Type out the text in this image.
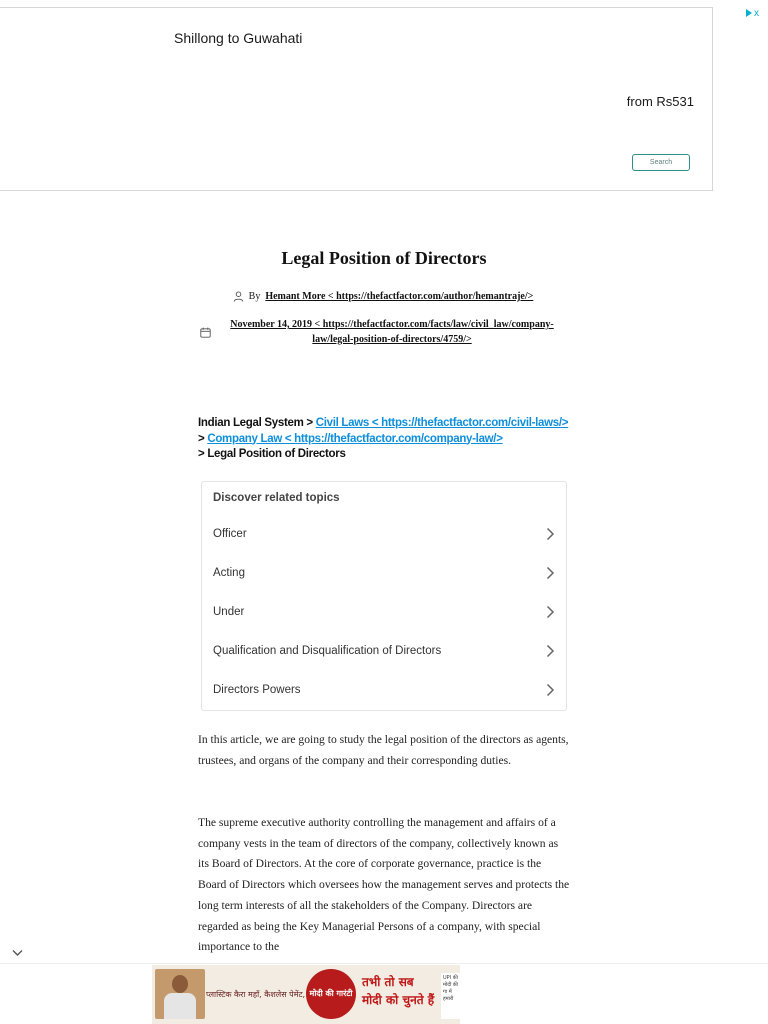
Shillong to Guwahati
from Rs531
Search
x
Legal Position of Directors
By Hemant More < https://thefactfactor.com/author/hemantraje/>
November 14, 2019 < https://thefactfactor.com/facts/law/civil_law/company-law/legal-position-of-directors/4759/>
Indian Legal System > Civil Laws < https://thefactfactor.com/civil-laws/> > Company Law < https://thefactfactor.com/company-law/>
> Legal Position of Directors
Discover related topics
Officer
Acting
Under
Qualification and Disqualification of Directors
Directors Powers

In this article, we are going to study the legal position of the directors as agents, trustees, and organs of the company and their corresponding duties.

The supreme executive authority controlling the management and affairs of a company vests in the team of directors of the company, collectively known as its Board of Directors. At the core of corporate governance, practice is the Board of Directors which oversees how the management serves and protects the long term interests of all the stakeholders of the Company. Directors are regarded as being the Key Managerial Persons of a company, with special importance to the

प्लास्टिक कैरा महाँ, कैशलेस पेमेंट, मोदी की गारंटी
तभी तो सब
मोदी को चुनते हैं
UPI की मोदी की गा में हमारी
